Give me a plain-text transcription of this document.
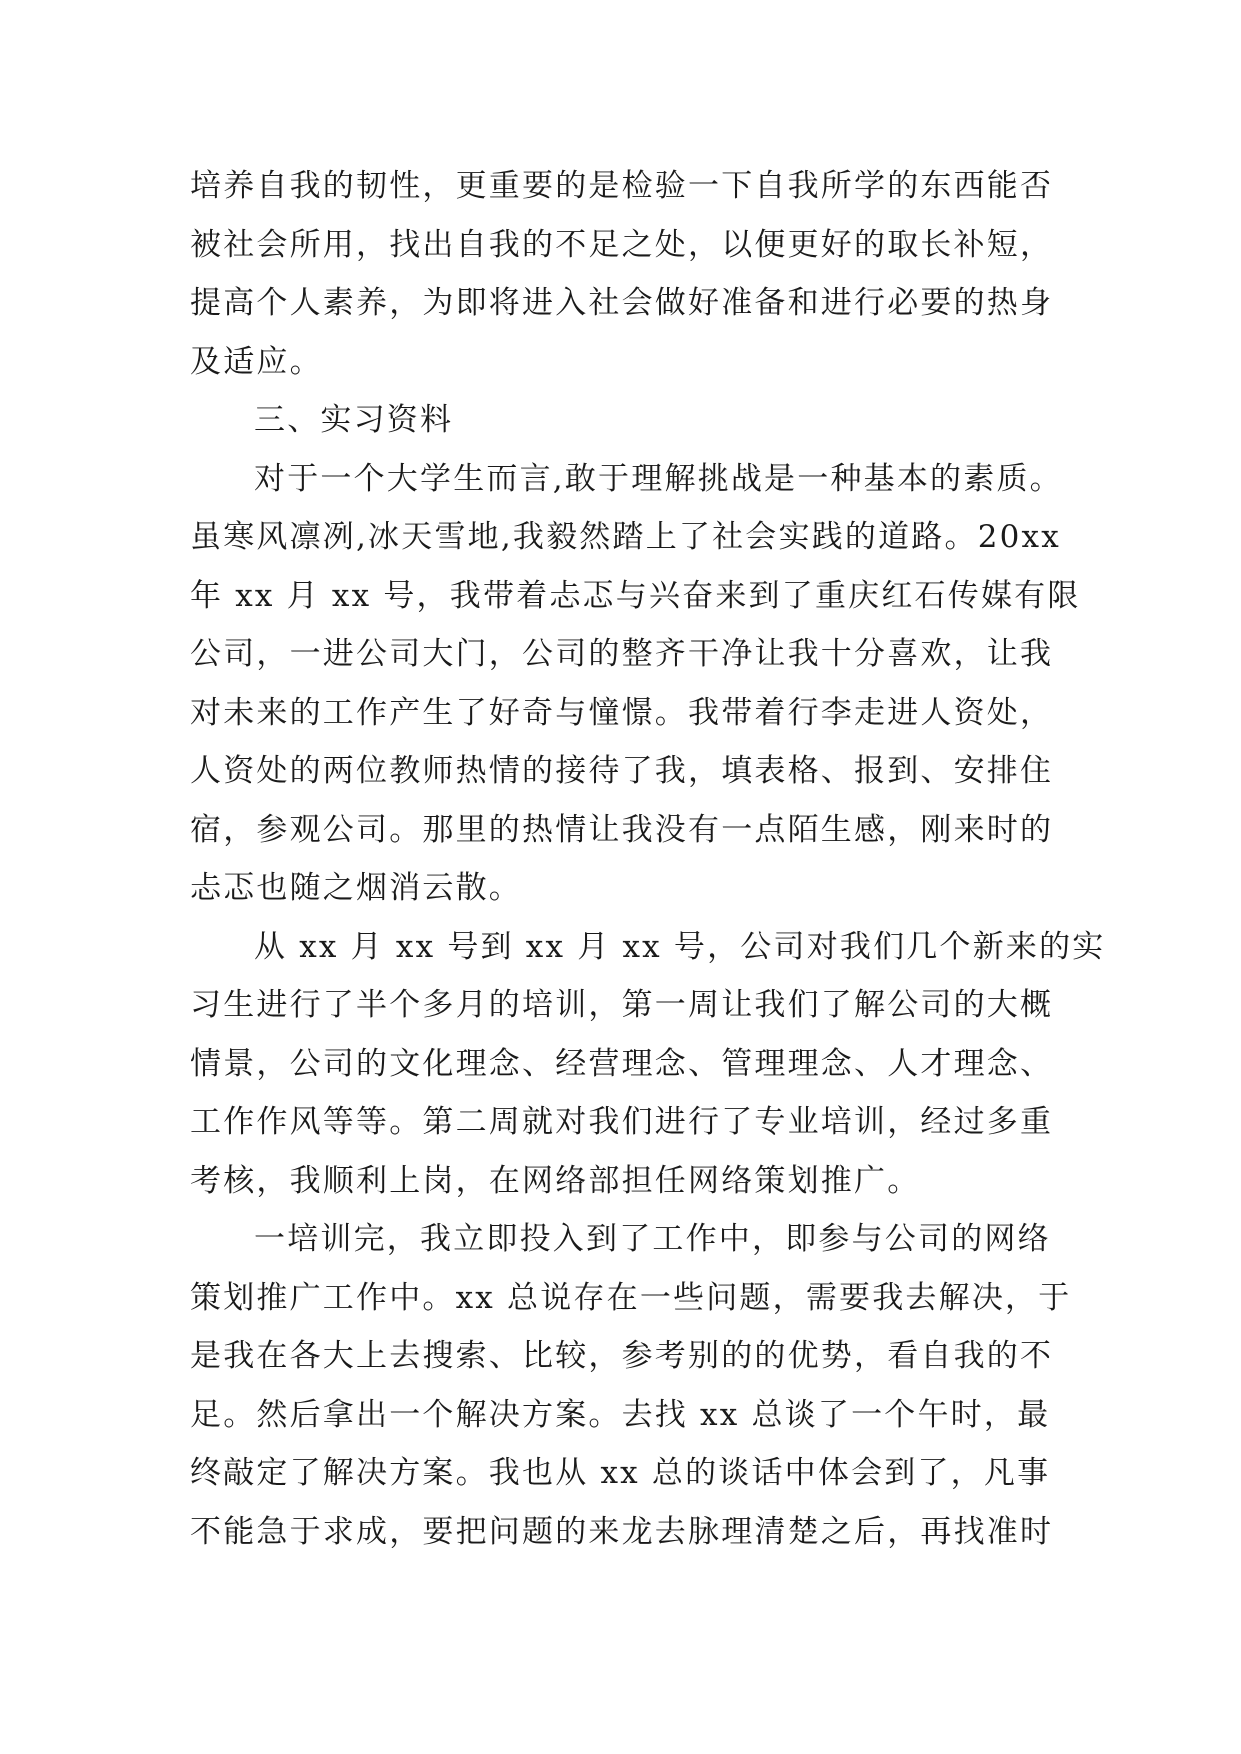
培养自我的韧性，更重要的是检验一下自我所学的东西能否
被社会所用，找出自我的不足之处，以便更好的取长补短，
提高个人素养，为即将进入社会做好准备和进行必要的热身
及适应。
三、实习资料
对于一个大学生而言,敢于理解挑战是一种基本的素质。
虽寒风凛冽,冰天雪地,我毅然踏上了社会实践的道路。20xx
年 xx 月 xx 号，我带着忐忑与兴奋来到了重庆红石传媒有限
公司，一进公司大门，公司的整齐干净让我十分喜欢，让我
对未来的工作产生了好奇与憧憬。我带着行李走进人资处，
人资处的两位教师热情的接待了我，填表格、报到、安排住
宿，参观公司。那里的热情让我没有一点陌生感，刚来时的
忐忑也随之烟消云散。
从 xx 月 xx 号到 xx 月 xx 号，公司对我们几个新来的实
习生进行了半个多月的培训，第一周让我们了解公司的大概
情景，公司的文化理念、经营理念、管理理念、人才理念、
工作作风等等。第二周就对我们进行了专业培训，经过多重
考核，我顺利上岗，在网络部担任网络策划推广。
一培训完，我立即投入到了工作中，即参与公司的网络
策划推广工作中。xx 总说存在一些问题，需要我去解决，于
是我在各大上去搜索、比较，参考别的的优势，看自我的不
足。然后拿出一个解决方案。去找 xx 总谈了一个午时，最
终敲定了解决方案。我也从 xx 总的谈话中体会到了，凡事
不能急于求成，要把问题的来龙去脉理清楚之后，再找准时
